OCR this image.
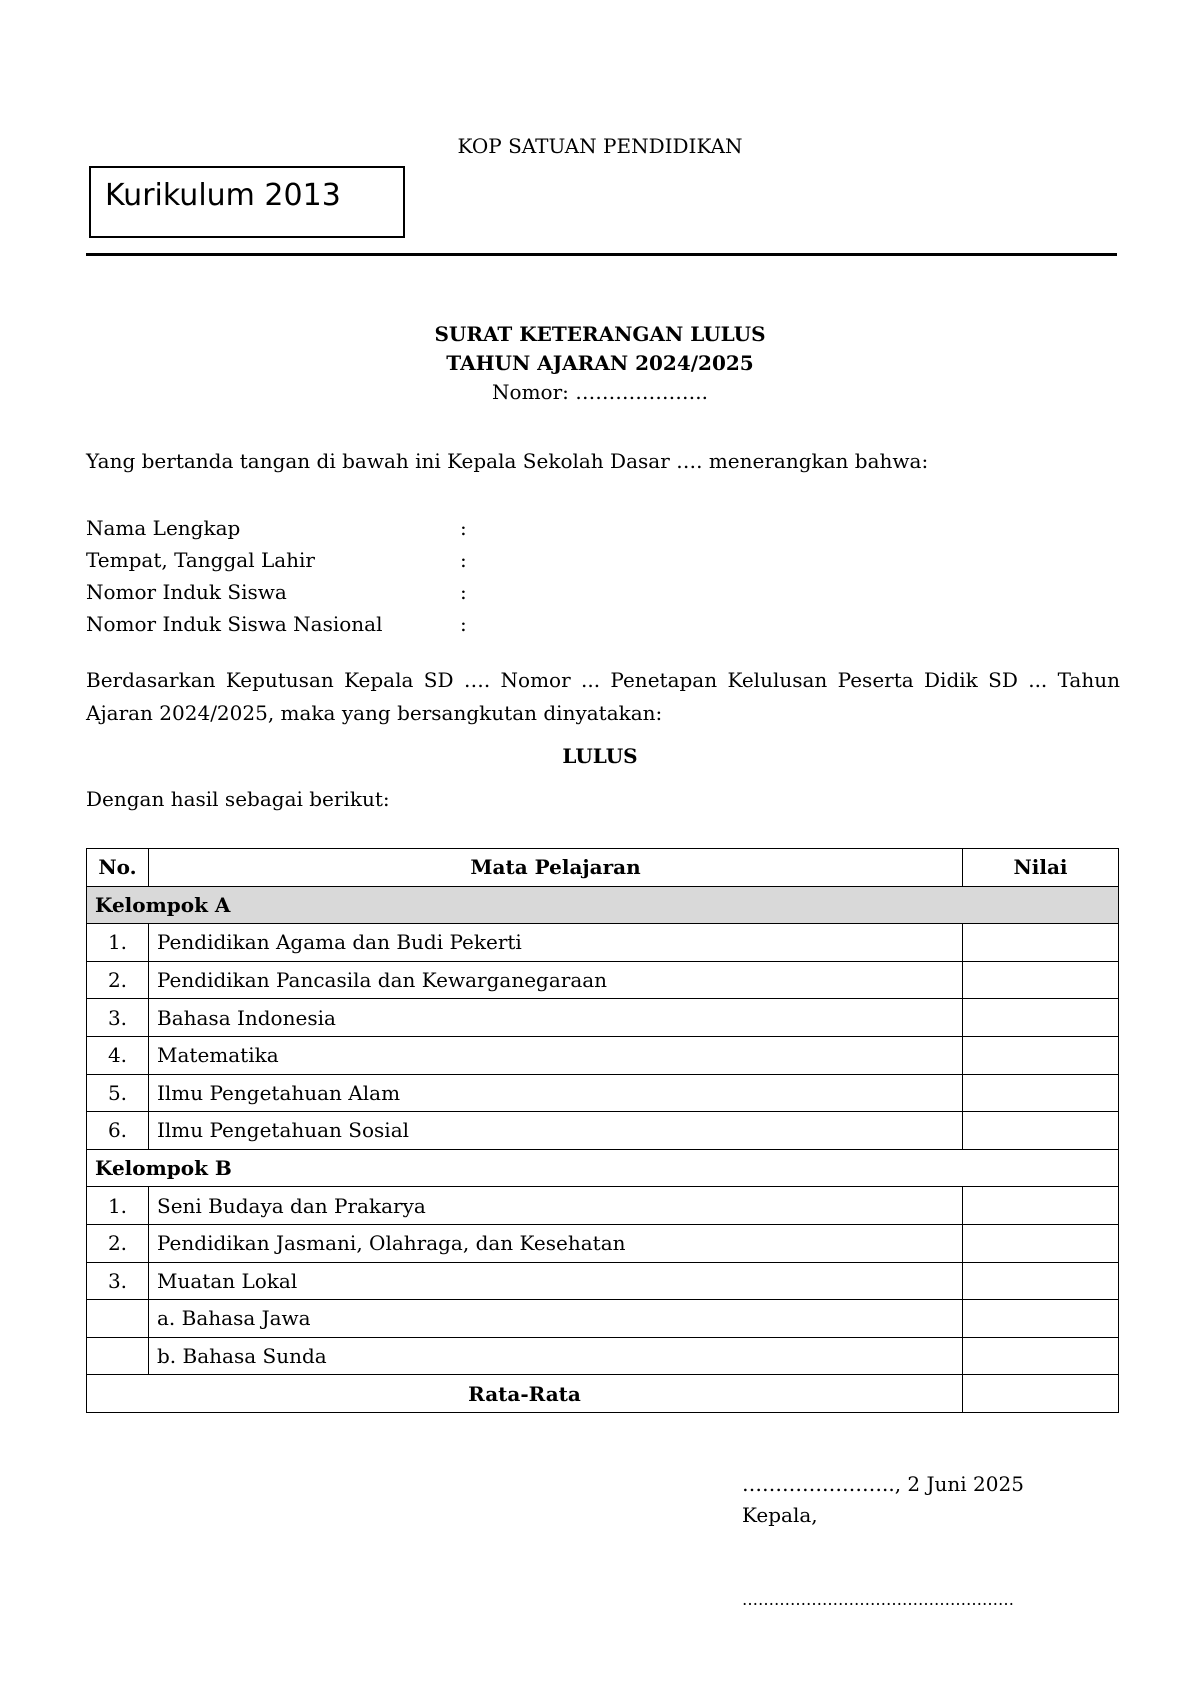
KOP SATUAN PENDIDIKAN
Kurikulum 2013
SURAT KETERANGAN LULUS
TAHUN AJARAN 2024/2025
Nomor: ………………..
Yang bertanda tangan di bawah ini Kepala Sekolah Dasar …. menerangkan bahwa:
Nama Lengkap	:
Tempat, Tanggal Lahir	:
Nomor Induk Siswa	:
Nomor Induk Siswa Nasional	:
Berdasarkan Keputusan Kepala SD …. Nomor ... Penetapan Kelulusan Peserta Didik SD ... Tahun Ajaran 2024/2025, maka yang bersangkutan dinyatakan:
LULUS
Dengan hasil sebagai berikut:
No.	Mata Pelajaran	Nilai
Kelompok A		
1.	Pendidikan Agama dan Budi Pekerti	
2.	Pendidikan Pancasila dan Kewarganegaraan	
3.	Bahasa Indonesia	
4.	Matematika	
5.	Ilmu Pengetahuan Alam	
6.	Ilmu Pengetahuan Sosial	
Kelompok B		
1.	Seni Budaya dan Prakarya	
2.	Pendidikan Jasmani, Olahraga, dan Kesehatan	
3.	Muatan Lokal	
	a. Bahasa Jawa	
	b. Bahasa Sunda	
Rata-Rata		
………………….., 2 Juni 2025
Kepala,
……………………………………………
